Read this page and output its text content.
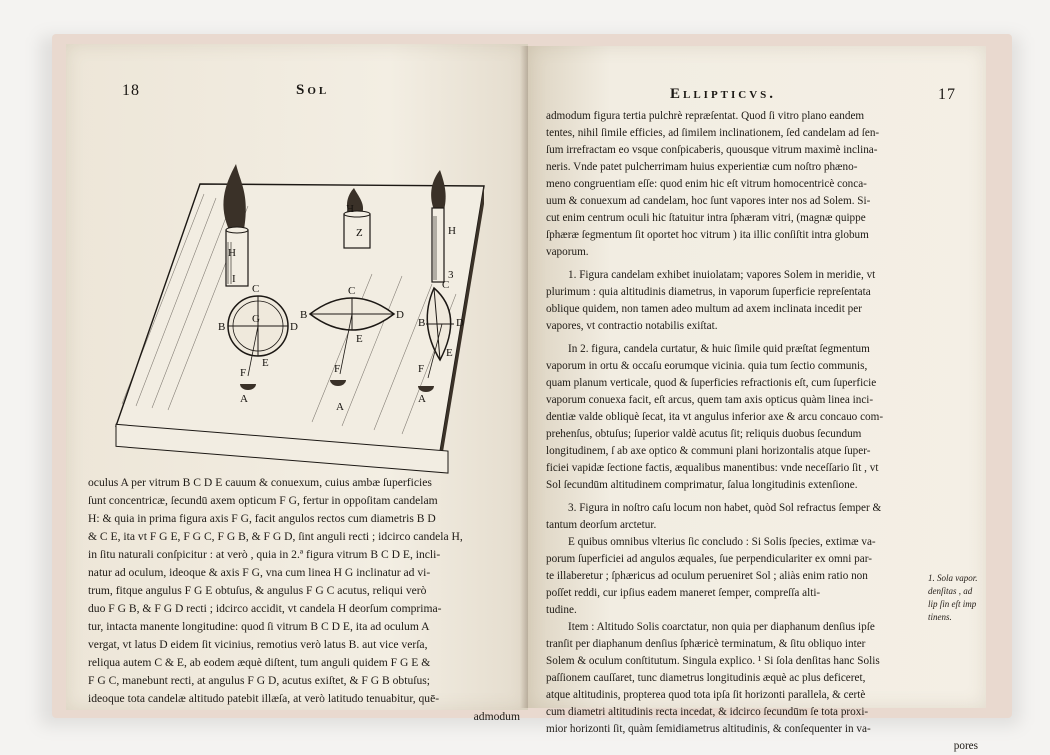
18	Sol
H
I
C
B
G
D
E
F
A
H
Z
C
B	D
E
F
A
H
3
C
B	D
E
F
A
oculus A per vitrum B C D E cauum & conuexum, cuius ambæ ſuperficies
ſunt concentricæ, ſecundū axem opticum F G, fertur in oppoſitam candelam
H: & quia in prima figura axis F G, facit angulos rectos cum diametris B D
& C E, ita vt F G E, F G C, F G B, & F G D, ſint anguli recti ; idcirco candela H,
in ſitu naturali conſpicitur : at verò , quia in 2.ª figura vitrum B C D E, incli-
natur ad oculum, ideoque & axis F G, vna cum linea H G inclinatur ad vi-
trum, fitque angulus F G E obtuſus, & angulus F G C acutus, reliqui verò
duo F G B, & F G D recti ; idcirco accidit, vt candela H deorſum comprima-
tur, intacta manente longitudine: quod ſi vitrum B C D E, ita ad oculum A
vergat, vt latus D eidem ſit vicinius, remotius verò latus B. aut vice verſa,
reliqua autem C & E, ab eodem æquè diſtent, tum anguli quidem F G E &
F G C, manebunt recti, at angulus F G D, acutus exiſtet, & F G B obtuſus;
ideoque tota candelæ altitudo patebit illæſa, at verò latitudo tenuabitur, quē-
admodum
Ellipticvs.	17
admodum figura tertia pulchrè repræſentat. Quod ſi vitro plano eandem
tentes, nihil ſimile efficies, ad ſimilem inclinationem, ſed candelam ad ſen-
ſum irrefractam eo vsque conſpicaberis, quousque vitrum maximè inclina-
neris. Vnde patet pulcherrimam huius experientiæ cum noſtro phæno-
meno congruentiam eſſe: quod enim hic eſt vitrum homocentricè conca-
uum & conuexum ad candelam, hoc ſunt vapores inter nos ad Solem. Si-
cut enim centrum oculi hic ſtatuitur intra ſphæram vitri, (magnæ quippe
ſphæræ ſegmentum ſit oportet hoc vitrum ) ita illic conſiſtit intra globum
vaporum.
1. Figura candelam exhibet inuiolatam; vapores Solem in meridie, vt
plurimum : quia altitudinis diametrus, in vaporum ſuperficie repreſentata
oblique quidem, non tamen adeo multum ad axem inclinata incedit per
vapores, vt contractio notabilis exiſtat.
In 2. figura, candela curtatur, & huic ſimile quid præſtat ſegmentum
vaporum in ortu & occaſu eorumque vicinia. quia tum ſectio communis,
quam planum verticale, quod & ſuperficies refractionis eſt, cum ſuperficie
vaporum conuexa facit, eſt arcus, quem tam axis opticus quàm linea inci-
dentiæ valde obliquè ſecat, ita vt angulus inferior axe & arcu concauo com-
prehenſus, obtuſus; ſuperior valdè acutus ſit; reliquis duobus ſecundum
longitudinem, ſ ab axe optico & communi plani horizontalis atque ſuper-
ficiei vapidæ ſectione factis, æqualibus manentibus: vnde neceſſario ſit , vt
Sol ſecundūm altitudinem comprimatur, ſalua longitudinis extenſione.
3. Figura in noſtro caſu locum non habet, quòd Sol refractus ſemper &
tantum deorſum arctetur.
E quibus omnibus vlterius ſic concludo : Si Solis ſpecies, extimæ va-
porum ſuperficiei ad angulos æquales, ſue perpendiculariter ex omni par-
te illaberetur ; ſphæricus ad oculum perueniret Sol ; aliàs enim ratio non
poſſet reddi, cur ipſius eadem maneret ſemper, compreſſa alti-
tudine.
Item : Altitudo Solis coarctatur, non quia per diaphanum denſius ipſe
tranſit per diaphanum denſius ſphæricè terminatum, & ſitu obliquo inter
Solem & oculum conſtitutum. Singula explico. ¹ Si ſola denſitas hanc Solis
paſſionem cauſſaret, tunc diametrus longitudinis æquè ac plus deficeret,
atque altitudinis, propterea quod tota ipſa ſit horizonti parallela, & certè
cum diametri altitudinis recta incedat, & idcirco ſecundūm ſe tota proxi-
mior horizonti ſit, quàm ſemidiametrus altitudinis, & conſequenter in va-
pores
1. Sola vapor.
denſitas , ad
lip ſin eſt imp
tinens.
